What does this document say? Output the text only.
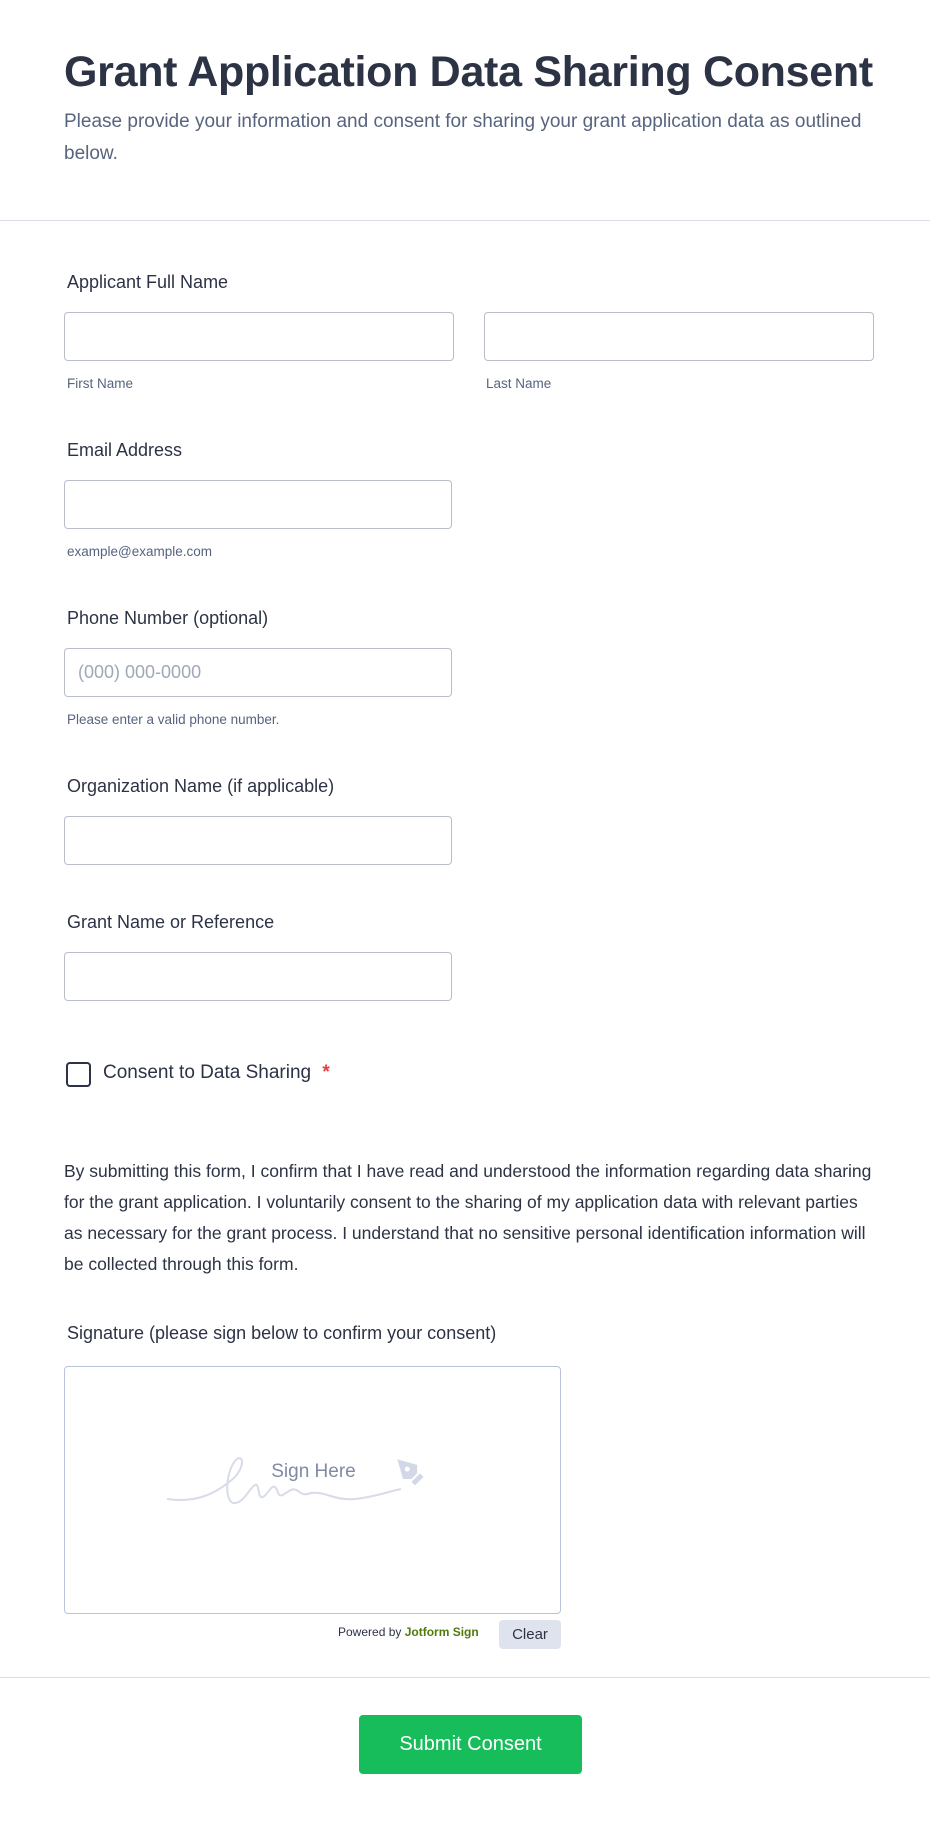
Grant Application Data Sharing Consent

Please provide your information and consent for sharing your grant application data as outlined below.

Applicant Full Name
First Name	Last Name
Email Address
example@example.com
Phone Number (optional)
(000) 000-0000
Please enter a valid phone number.
Organization Name (if applicable)
Grant Name or Reference
Consent to Data Sharing *

By submitting this form, I confirm that I have read and understood the information regarding data sharing for the grant application. I voluntarily consent to the sharing of my application data with relevant parties as necessary for the grant process. I understand that no sensitive personal identification information will be collected through this form.

Signature (please sign below to confirm your consent)
Sign Here
Powered by Jotform Sign	Clear
Submit Consent
